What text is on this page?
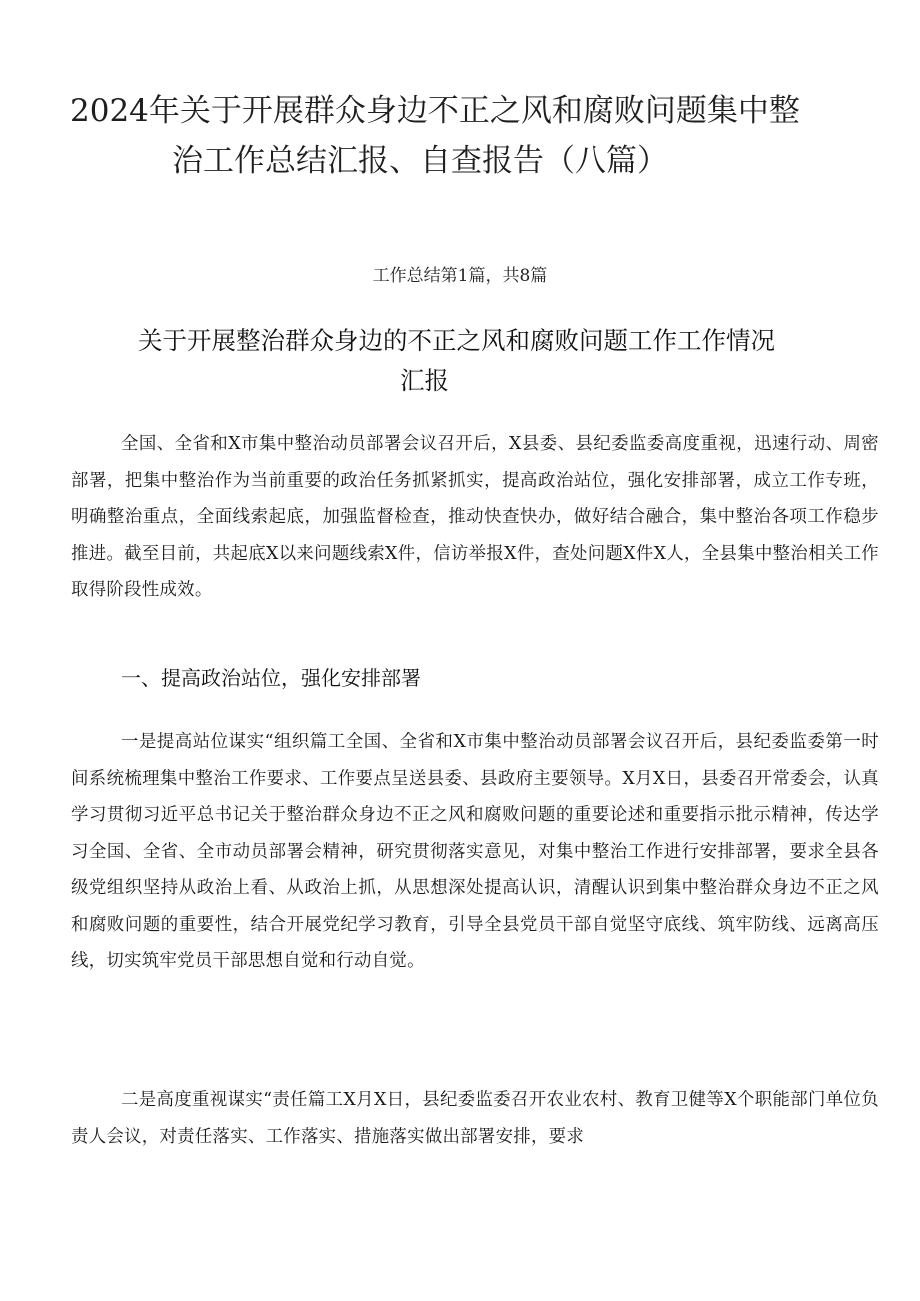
2024年关于开展群众身边不正之风和腐败问题集中整
治工作总结汇报、自查报告（八篇）
工作总结第1篇，共8篇
关于开展整治群众身边的不正之风和腐败问题工作工作情况
汇报

全国、全省和X市集中整治动员部署会议召开后，X县委、县纪委监委高度重视，迅速行动、周密部署，把集中整治作为当前重要的政治任务抓紧抓实，提高政治站位，强化安排部署，成立工作专班，明确整治重点，全面线索起底，加强监督检查，推动快查快办，做好结合融合，集中整治各项工作稳步推进。截至目前，共起底X以来问题线索X件，信访举报X件，查处问题X件X人，全县集中整治相关工作取得阶段性成效。

一、提高政治站位，强化安排部署

一是提高站位谋实“组织篇工全国、全省和X市集中整治动员部署会议召开后，县纪委监委第一时间系统梳理集中整治工作要求、工作要点呈送县委、县政府主要领导。X月X日，县委召开常委会，认真学习贯彻习近平总书记关于整治群众身边不正之风和腐败问题的重要论述和重要指示批示精神，传达学习全国、全省、全市动员部署会精神，研究贯彻落实意见，对集中整治工作进行安排部署，要求全县各级党组织坚持从政治上看、从政治上抓，从思想深处提高认识，清醒认识到集中整治群众身边不正之风和腐败问题的重要性，结合开展党纪学习教育，引导全县党员干部自觉坚守底线、筑牢防线、远离高压线，切实筑牢党员干部思想自觉和行动自觉。

二是高度重视谋实“责任篇工X月X日，县纪委监委召开农业农村、教育卫健等X个职能部门单位负责人会议，对责任落实、工作落实、措施落实做出部署安排，要求
